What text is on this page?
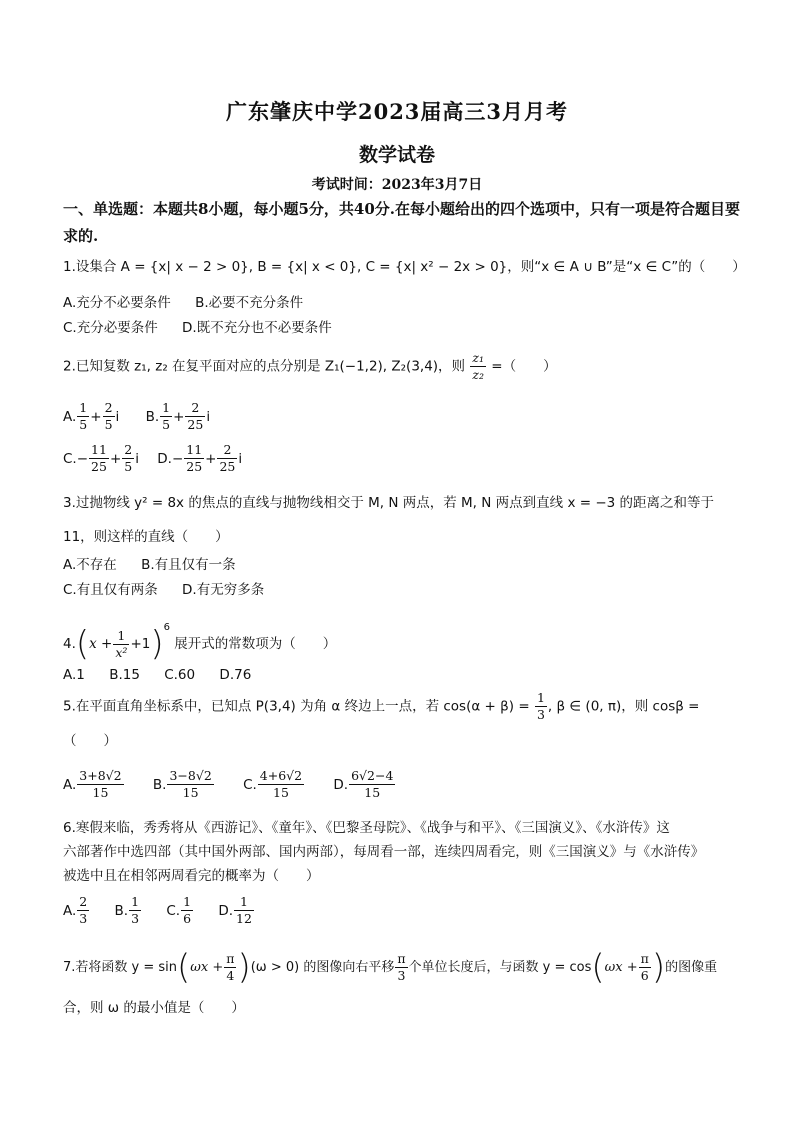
广东肇庆中学2023届高三3月月考
数学试卷
考试时间：2023年3月7日
一、单选题：本题共8小题，每小题5分，共40分.在每小题给出的四个选项中，只有一项是符合题目要求的.
1.设集合 A = {x| x − 2 > 0}, B = {x| x < 0}, C = {x| x² − 2x > 0}，则“x ∈ A ∪ B”是“x ∈ C”的（　　）
A.充分不必要条件 B.必要不充分条件
C.充分必要条件 D.既不充分也不必要条件
2.已知复数 z₁, z₂ 在复平面对应的点分别是 Z₁(−1,2), Z₂(3,4)，则 $\frac{\text{z₁}}{\text{z₂}}$ =（　　）
A. $\frac{1}{5} + \frac{2}{5}$ i B. $\frac{1}{5} + \frac{2}{25}$ i
$C.- \frac{11}{25} + \frac{2}{5}$ i $D.- \frac{11}{25} + \frac{2}{25}$ i
3.过抛物线 y² = 8x 的焦点的直线与抛物线相交于 M, N 两点，若 M, N 两点到直线 x = −3 的距离之和等于
11，则这样的直线（　　）
A.不存在 B.有且仅有一条
C.有且仅有两条 D.有无穷多条
$4.(x + \frac{1}{\text{x²}} +1)^6$ 展开式的常数项为（　　）
A.1 B.15 C.60 D.76
5.在平面直角坐标系中，已知点 P(3,4) 为角 α 终边上一点，若 $\cos(\alpha + \beta) = \frac{1}{3}$ , β ∈ (0, π)，则 cosβ =
（　　）
A. $\frac{3+8√2}{15} B$. $\frac{3-8√2}{15} C$. $\frac{4+6√2}{15} D$. $\frac{6√2-4}{15}$
6.寒假来临，秀秀将从《西游记》、《童年》、《巴黎圣母院》、《战争与和平》、《三国演义》、《水浒传》这
六部著作中选四部（其中国外两部、国内两部），每周看一部，连续四周看完，则《三国演义》与《水浒传》
被选中且在相邻两周看完的概率为（　　）
A. $\frac{2}{3} B$. $\frac{1}{3} C$. $\frac{1}{6} D$. $\frac{1}{12}$
7.若将函数 $y = \sin(\omega x + \frac{\pi}{4} )(\omega > 0)$ 的图像向右平移 $\frac{\pi}{3}$ 个单位长度后，与函数 $y = \cos(\omega x + \frac{\pi}{6}$ )的图像重
合，则 ω 的最小值是（　　）
